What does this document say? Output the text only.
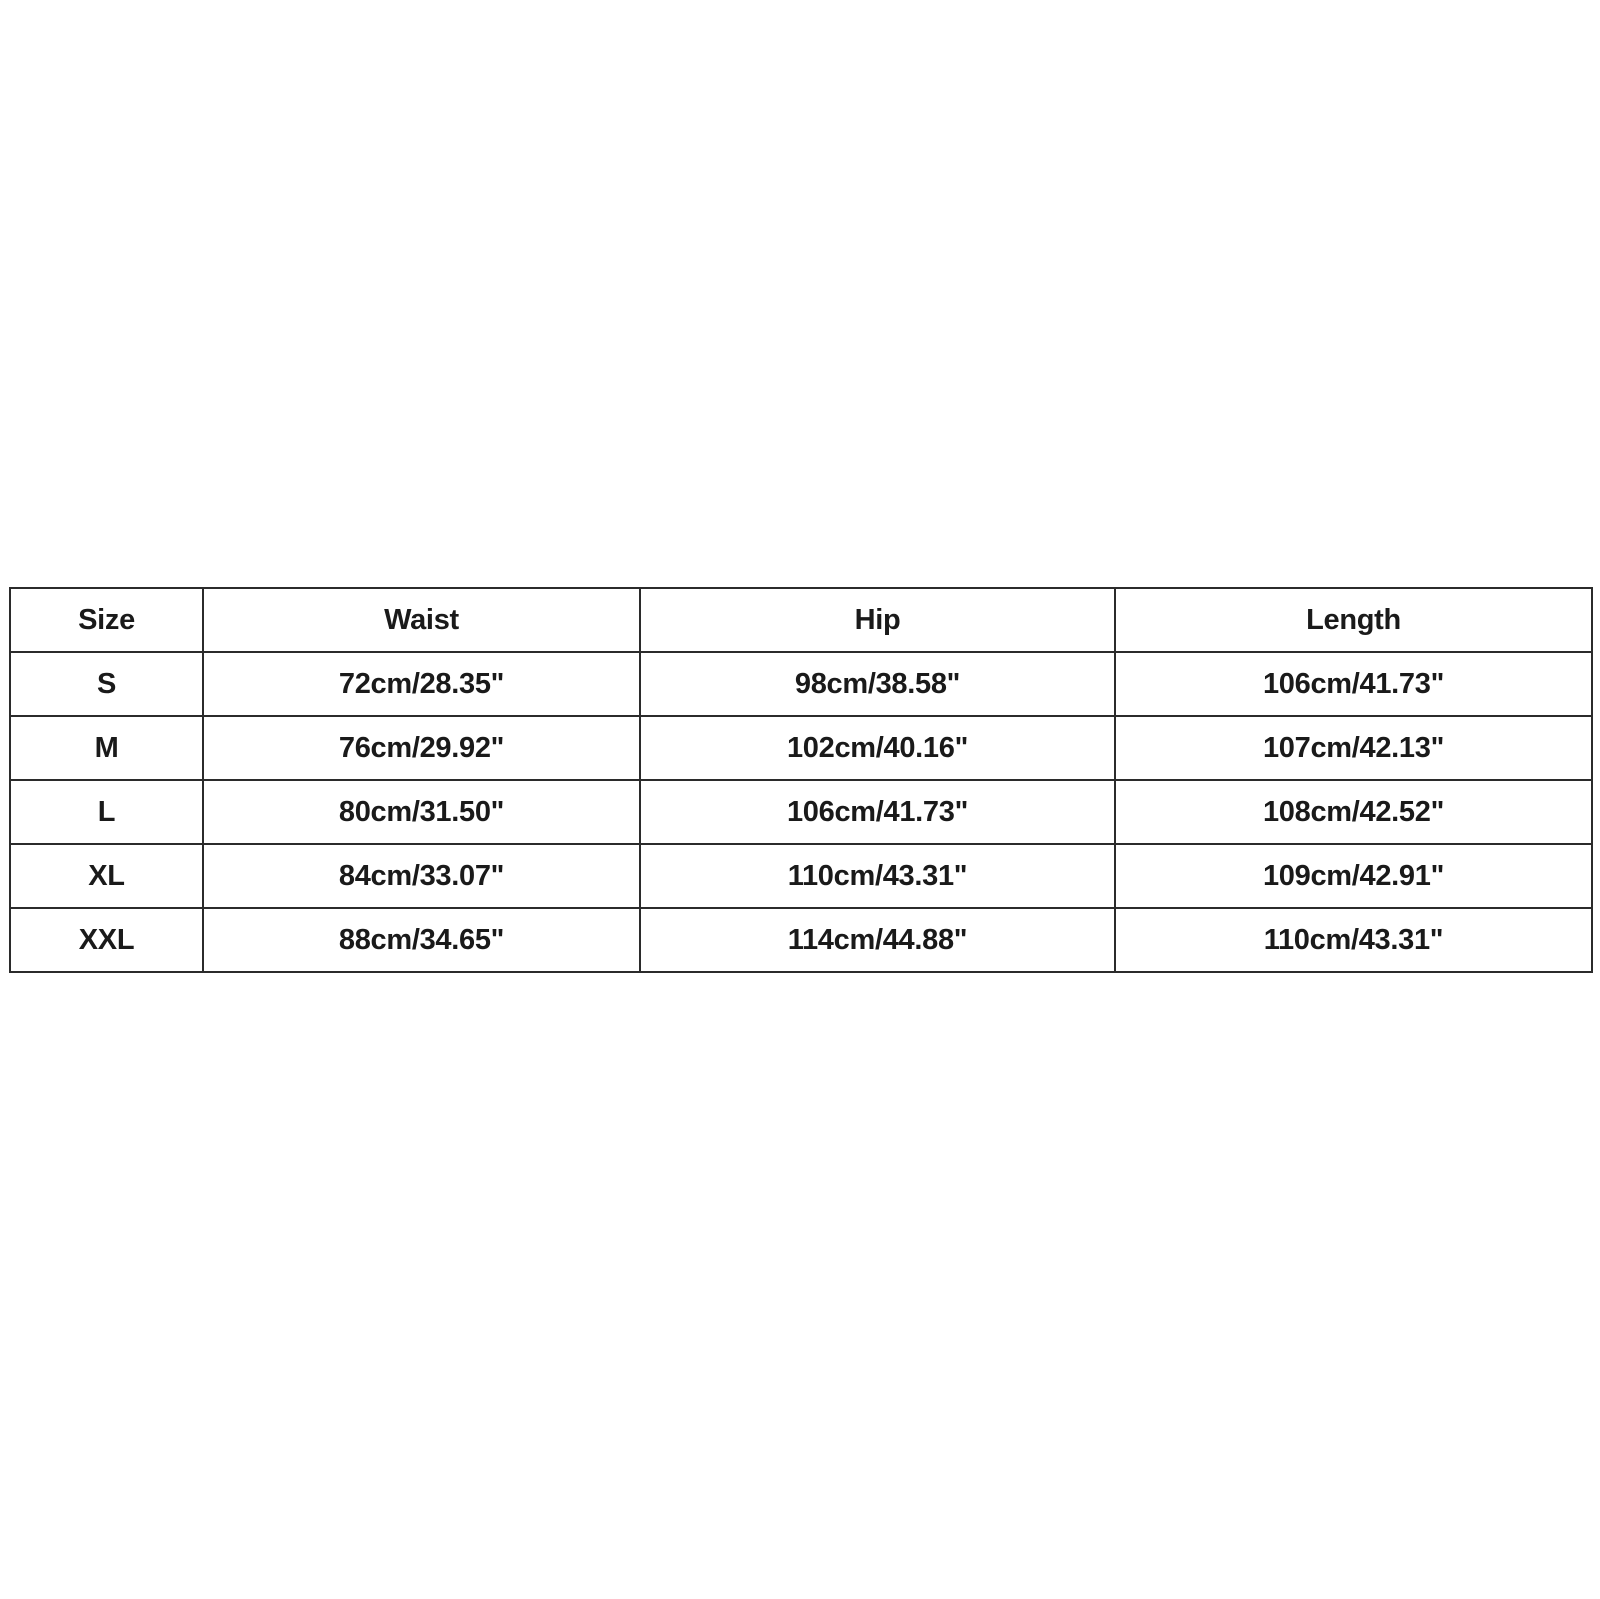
Size	Waist	Hip	Length
S	72cm/28.35"	98cm/38.58"	106cm/41.73"
M	76cm/29.92"	102cm/40.16"	107cm/42.13"
L	80cm/31.50"	106cm/41.73"	108cm/42.52"
XL	84cm/33.07"	110cm/43.31"	109cm/42.91"
XXL	88cm/34.65"	114cm/44.88"	110cm/43.31"
